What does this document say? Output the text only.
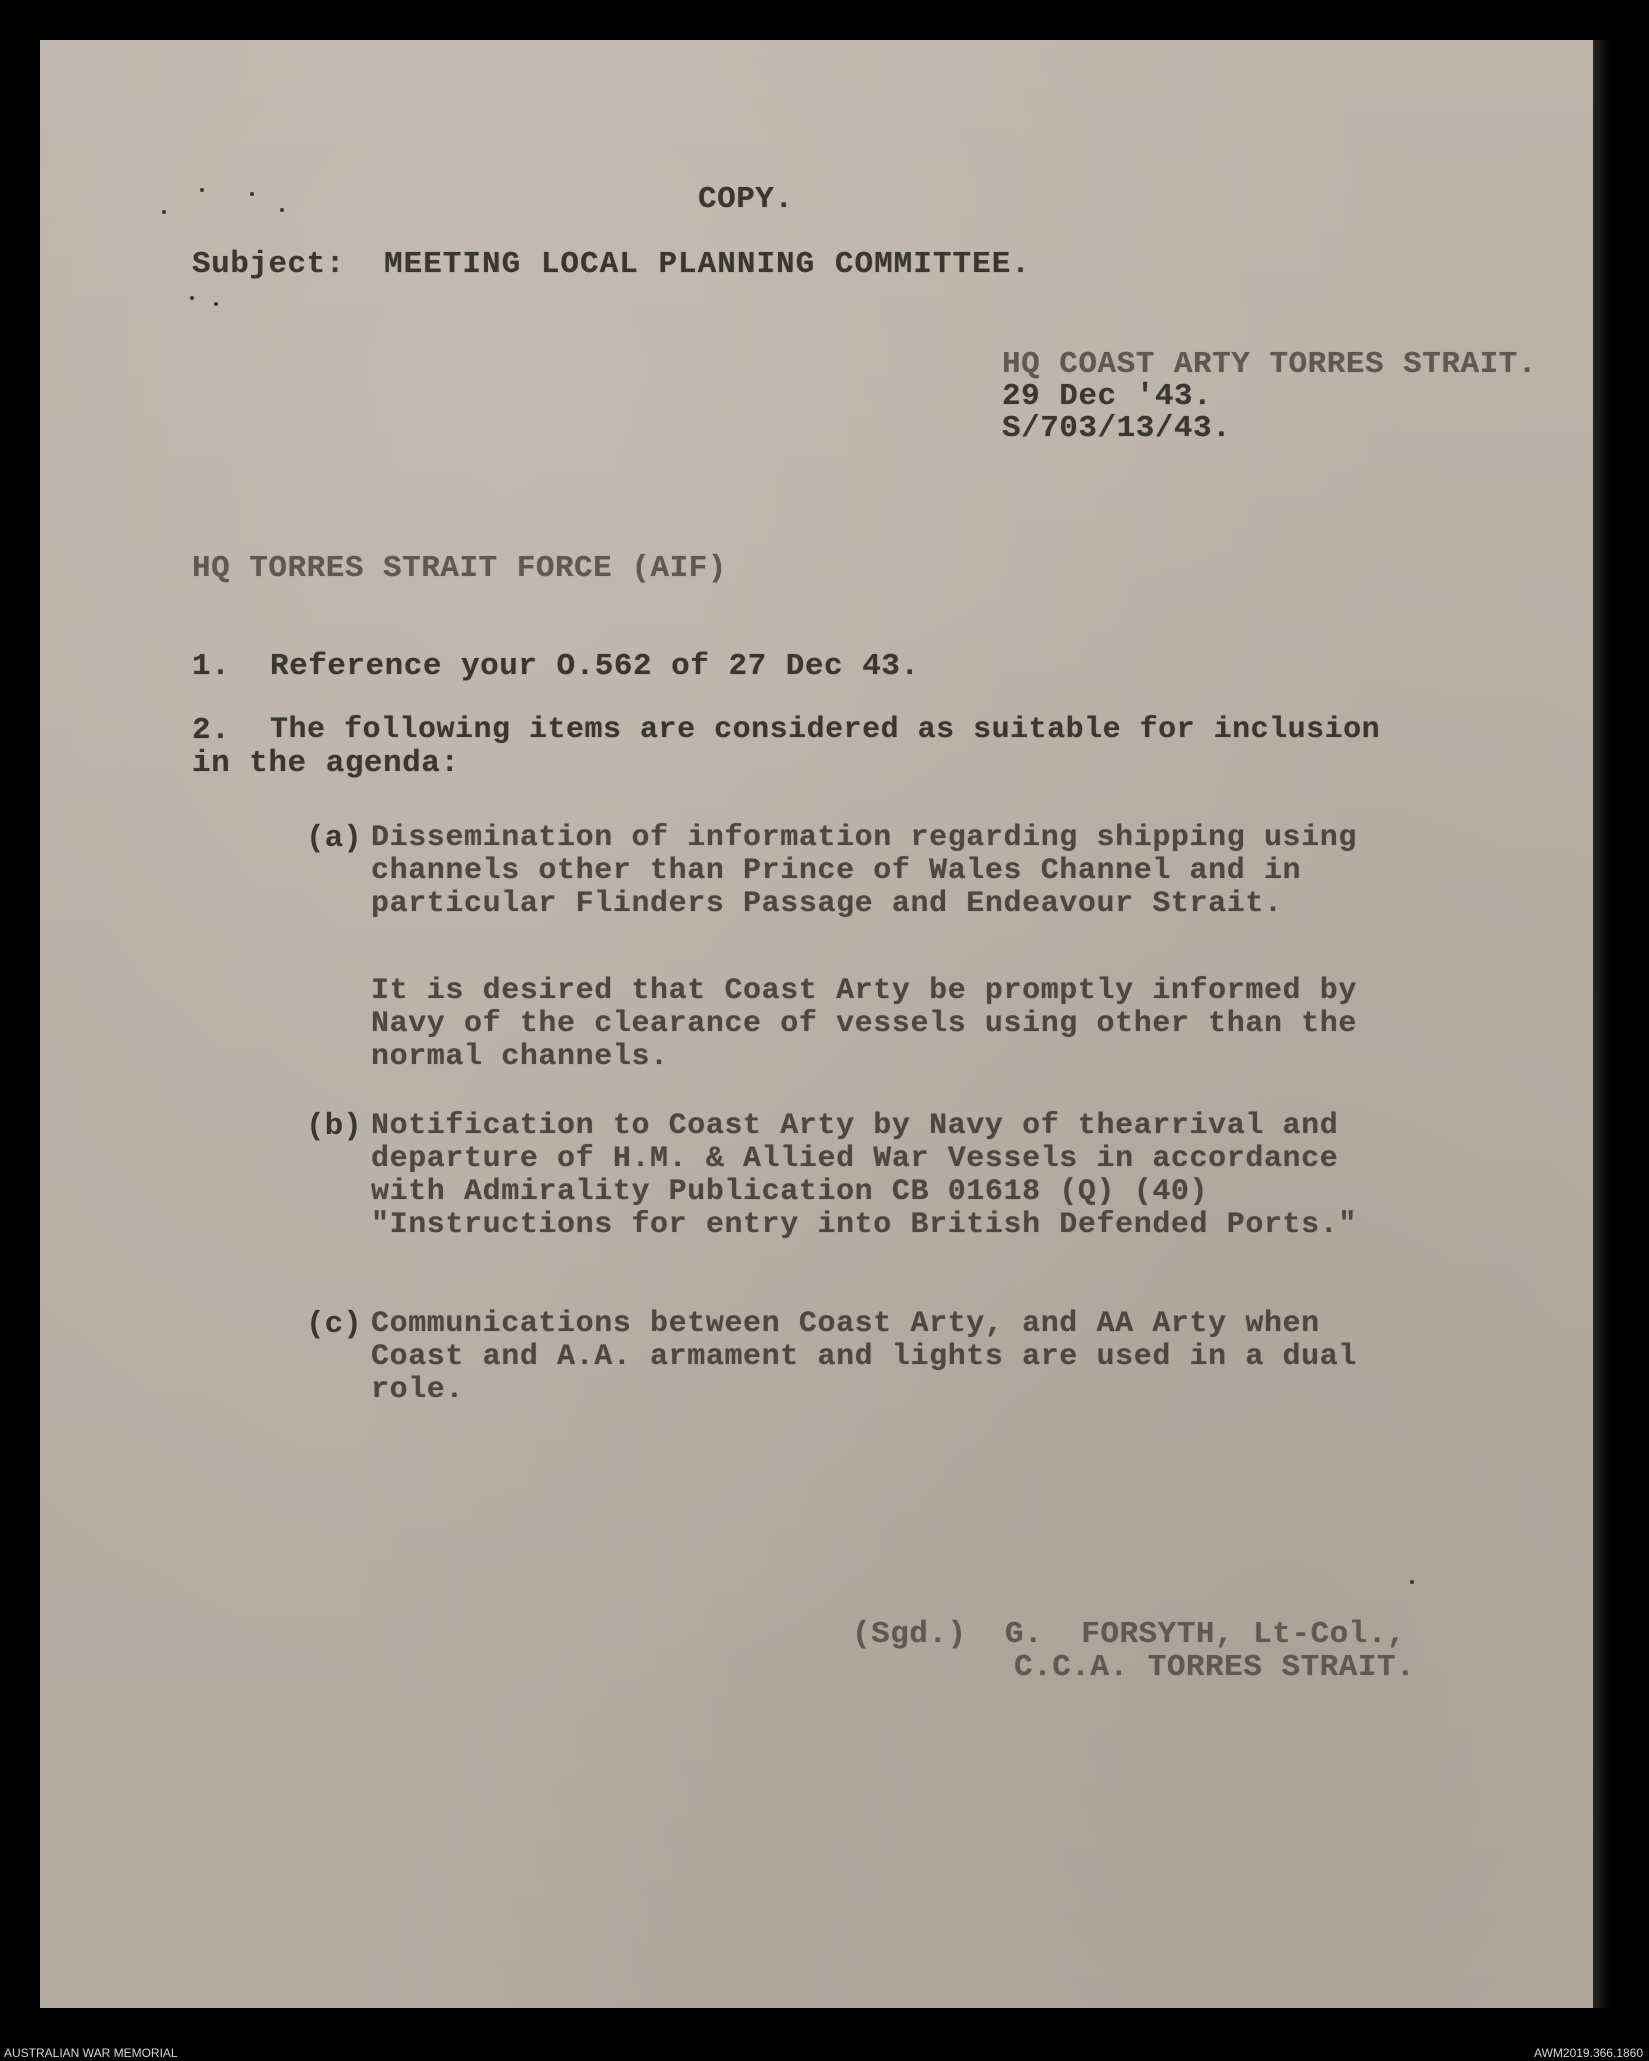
COPY.
Subject: MEETING LOCAL PLANNING COMMITTEE.
HQ COAST ARTY TORRES STRAIT.
29 Dec '43.
S/703/13/43.
HQ TORRES STRAIT FORCE (AIF)
1. Reference your O.562 of 27 Dec 43.
2. The following items are considered as suitable for inclusion
in the agenda:
(a) Dissemination of information regarding shipping using channels other than Prince of Wales Channel and in particular Flinders Passage and Endeavour Strait.

It is desired that Coast Arty be promptly informed by Navy of the clearance of vessels using other than the normal channels.

(b) Notification to Coast Arty by Navy of thearrival and departure of H.M. & Allied War Vessels in accordance with Admirality Publication CB 01618 (Q) (40) "Instructions for entry into British Defended Ports."

(c) Communications between Coast Arty, and AA Arty when Coast and A.A. armament and lights are used in a dual role.

(Sgd.)  G.  FORSYTH, Lt-Col.,
C.C.A. TORRES STRAIT.
AUSTRALIAN WAR MEMORIAL	AWM2019.366.1860
